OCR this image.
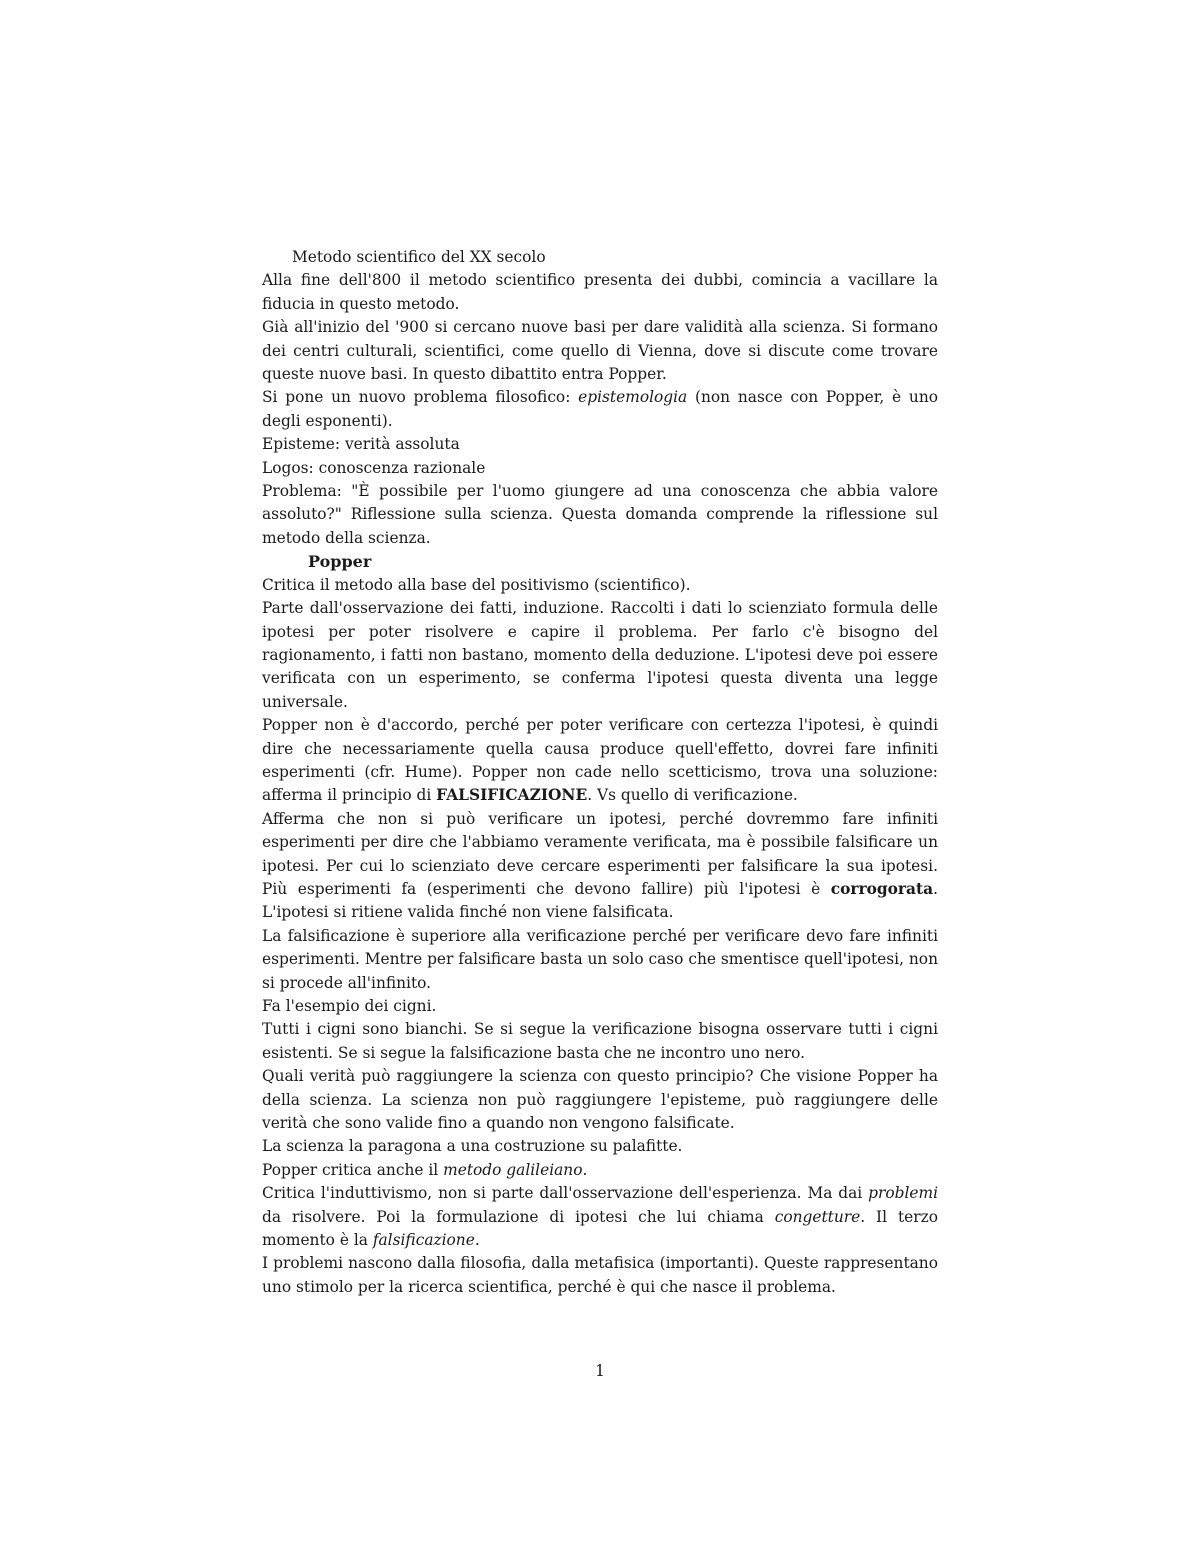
Metodo scientifico del XX secolo

Alla fine dell'800 il metodo scientifico presenta dei dubbi, comincia a vacillare la fiducia in questo metodo.

Già all'inizio del '900 si cercano nuove basi per dare validità alla scienza. Si formano dei centri culturali, scientifici, come quello di Vienna, dove si discute come trovare queste nuove basi. In questo dibattito entra Popper.

Si pone un nuovo problema filosofico: epistemologia (non nasce con Popper, è uno degli esponenti).

Episteme: verità assoluta

Logos: conoscenza razionale

Problema: "È possibile per l'uomo giungere ad una conoscenza che abbia valore assoluto?" Riflessione sulla scienza. Questa domanda comprende la riflessione sul metodo della scienza.

Popper

Critica il metodo alla base del positivismo (scientifico).

Parte dall'osservazione dei fatti, induzione. Raccolti i dati lo scienziato formula delle ipotesi per poter risolvere e capire il problema. Per farlo c'è bisogno del ragionamento, i fatti non bastano, momento della deduzione. L'ipotesi deve poi essere verificata con un esperimento, se conferma l'ipotesi questa diventa una legge universale.

Popper non è d'accordo, perché per poter verificare con certezza l'ipotesi, è quindi dire che necessariamente quella causa produce quell'effetto, dovrei fare infiniti esperimenti (cfr. Hume). Popper non cade nello scetticismo, trova una soluzione: afferma il principio di FALSIFICAZIONE. Vs quello di verificazione.

Afferma che non si può verificare un ipotesi, perché dovremmo fare infiniti esperimenti per dire che l'abbiamo veramente verificata, ma è possibile falsificare un ipotesi. Per cui lo scienziato deve cercare esperimenti per falsificare la sua ipotesi. Più esperimenti fa (esperimenti che devono fallire) più l'ipotesi è corrogorata. L'ipotesi si ritiene valida finché non viene falsificata.

La falsificazione è superiore alla verificazione perché per verificare devo fare infiniti esperimenti. Mentre per falsificare basta un solo caso che smentisce quell'ipotesi, non si procede all'infinito.

Fa l'esempio dei cigni.

Tutti i cigni sono bianchi. Se si segue la verificazione bisogna osservare tutti i cigni esistenti. Se si segue la falsificazione basta che ne incontro uno nero.

Quali verità può raggiungere la scienza con questo principio? Che visione Popper ha della scienza. La scienza non può raggiungere l'episteme, può raggiungere delle verità che sono valide fino a quando non vengono falsificate.

La scienza la paragona a una costruzione su palafitte.

Popper critica anche il metodo galileiano.

Critica l'induttivismo, non si parte dall'osservazione dell'esperienza. Ma dai problemi da risolvere. Poi la formulazione di ipotesi che lui chiama congetture. Il terzo momento è la falsificazione.

I problemi nascono dalla filosofia, dalla metafisica (importanti). Queste rappresentano uno stimolo per la ricerca scientifica, perché è qui che nasce il problema.

1
